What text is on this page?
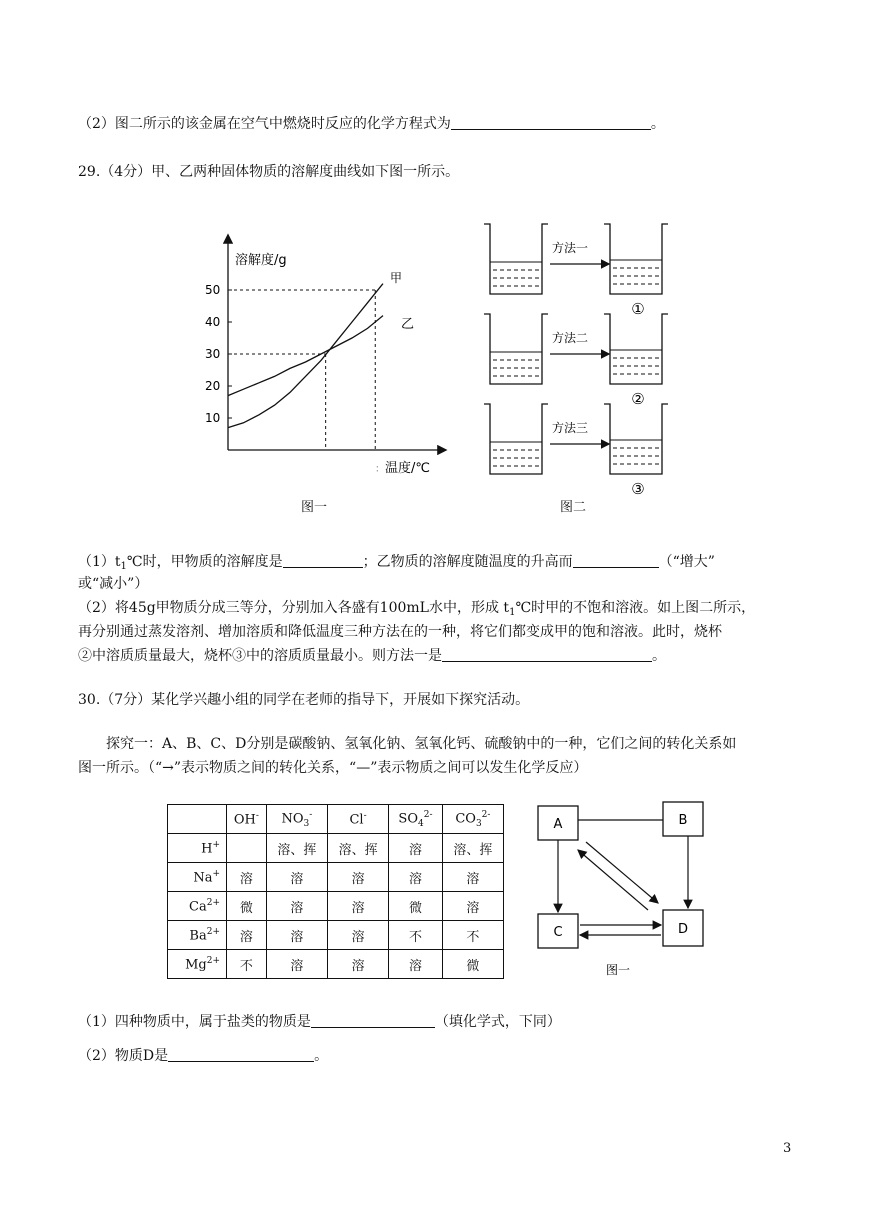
（2）图二所示的该金属在空气中燃烧时反应的化学方程式为	。
29.（4分）甲、乙两种固体物质的溶解度曲线如下图一所示。
溶解度/g
：温度/℃
10
20
30
40
50
甲
乙
图一
方法一
①
方法二
②
方法三
③
图二
$(1)t_1℃$时，甲物质的溶解度是	；乙物质的溶解度随温度的升高而	（“增大”
或“减小”）
（2）将45g甲物质分成三等分，分别加入各盛有100mL水中，形成 $t_1℃$时甲的不饱和溶液。如上图二所示，
再分别通过蒸发溶剂、增加溶质和降低温度三种方法在的一种，将它们都变成甲的饱和溶液。此时，烧杯
②中溶质质量最大，烧杯③中的溶质质量最小。则方法一是	。
30.（7分）某化学兴趣小组的同学在老师的指导下，开展如下探究活动。
探究一：A、B、C、D分别是碳酸钠、氢氧化钠、氢氧化钙、硫酸钠中的一种，它们之间的转化关系如
图一所示。（“→”表示物质之间的转化关系，“—”表示物质之间可以发生化学反应）
	OH-	$NO_3^-$	Cl-	$SO_4^{2-}$	$CO_3^{2-}$
H+		溶、挥	溶、挥	溶	溶、挥
Na+	溶	溶	溶	溶	溶
$Ca^{2+}$	微	溶	溶	微	溶
$Ba^{2+}$	溶	溶	溶	不	不
$Mg^{2+}$	不	溶	溶	溶	微
A	B
C	D
图一
（1）四种物质中，属于盐类的物质是	（填化学式，下同）
（2）物质D是	。
3
